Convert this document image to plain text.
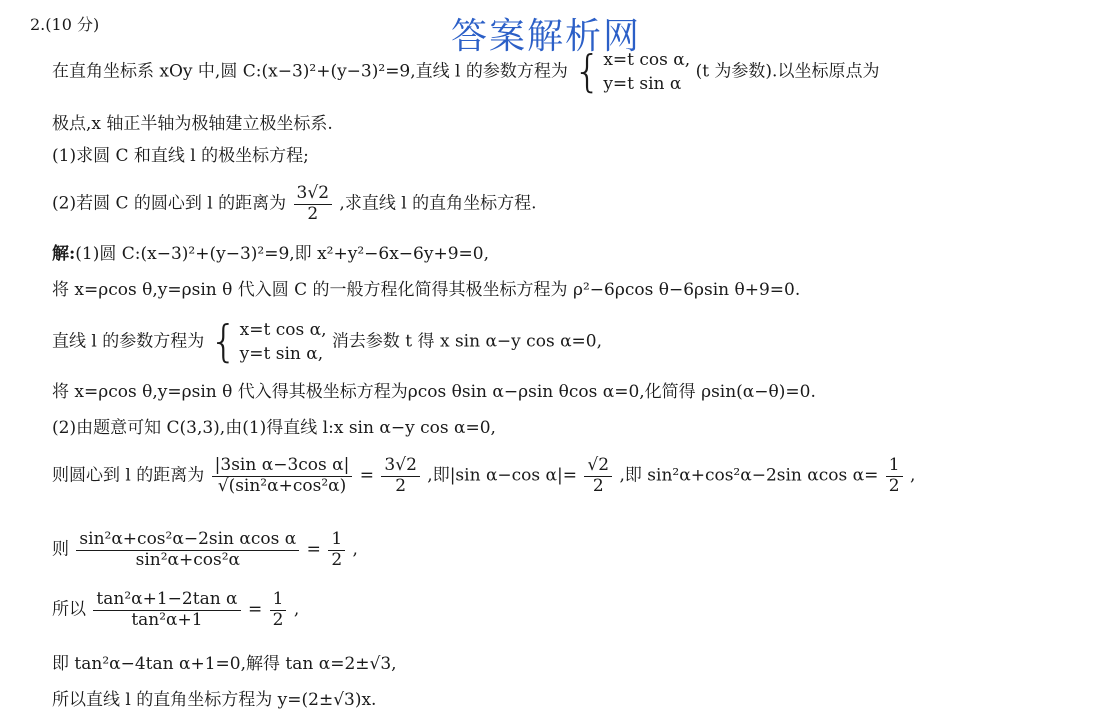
2.(10 分)	答案解析网
在直角坐标系 xOy 中,圆 C:(x−3)²+(y−3)²=9,直线 l 的参数方程为 { x=t cos α,
y=t sin α
(t 为参数).以坐标原点为
极点,x 轴正半轴为极轴建立极坐标系.
(1)求圆 C 和直线 l 的极坐标方程;
(2)若圆 C 的圆心到 l 的距离为 $\frac{3√2}{2}$ ,求直线 l 的直角坐标方程.
解:(1)圆 C:(x−3)²+(y−3)²=9,即 x²+y²−6x−6y+9=0,
将 x=ρcos θ,y=ρsin θ 代入圆 C 的一般方程化简得其极坐标方程为 ρ²−6ρcos θ−6ρsin θ+9=0.
直线 l 的参数方程为 { x=t cos α,
y=t sin α,
消去参数 t 得 x sin α−y cos α=0,
将 x=ρcos θ,y=ρsin θ 代入得其极坐标方程为ρcos θsin α−ρsin θcos α=0,化简得 ρsin(α−θ)=0.
(2)由题意可知 C(3,3),由(1)得直线 l:x sin α−y cos α=0,
则圆心到 l 的距离为 $\frac{\text{|3sin α−3cos α|}}{\text{√(sin²α+cos²α)}} = \frac{3√2}{2}$ ,即|sin α−cos $\alpha|= \frac{√2}{2}$ ,即 sin²α+cos²α−2sin αcos $\alpha= \frac{1}{2}$ ,
则 $\frac{\text{sin²α+cos²α−2sin αcos α}}{\text{sin²α+cos²α}} = \frac{1}{2}$ ,
所以 $\frac{\text{tan²α+1−2tan α}}{\text{tan²α+1}} = \frac{1}{2}$ ,
即 tan²α−4tan α+1=0,解得 tan α=2±√3,
所以直线 l 的直角坐标方程为 y=(2±√3)x.
